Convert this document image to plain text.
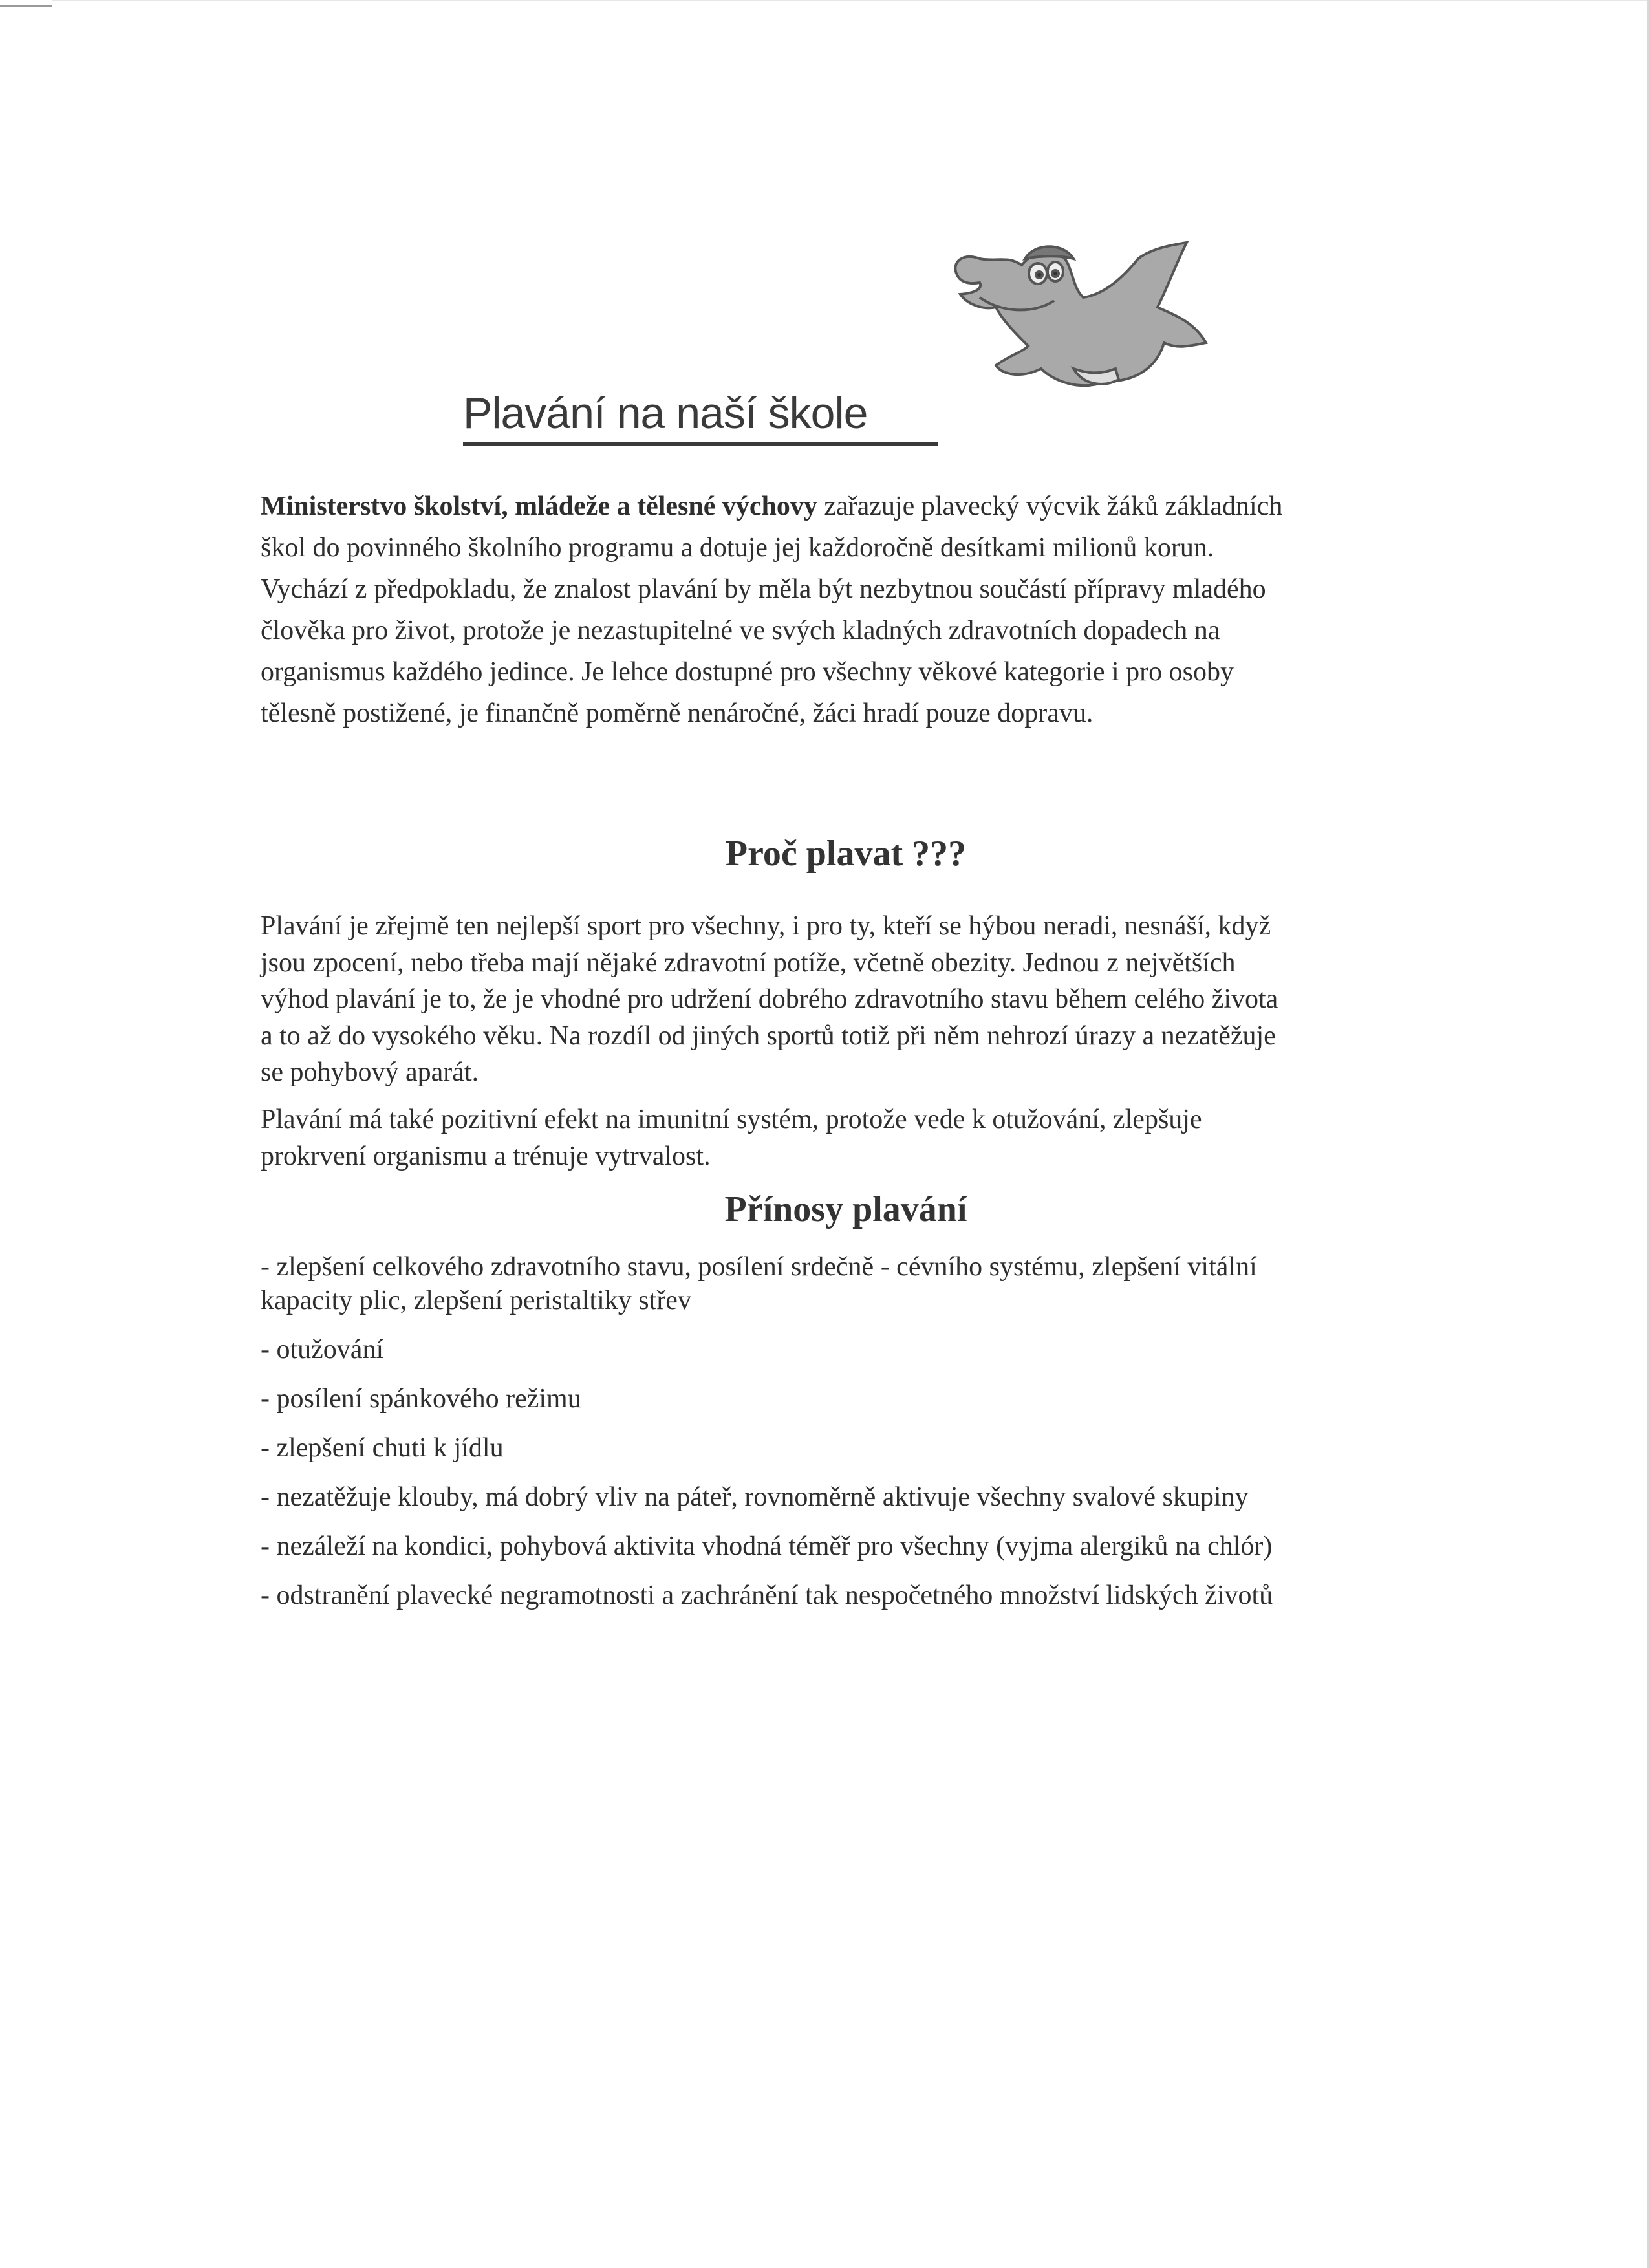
Plavání na naší škole
Ministerstvo školství, mládeže a tělesné výchovy zařazuje plavecký výcvik žáků základních
škol do povinného školního programu a dotuje jej každoročně desítkami milionů korun.
Vychází z předpokladu, že znalost plavání by měla být nezbytnou součástí přípravy mladého
člověka pro život, protože je nezastupitelné ve svých kladných zdravotních dopadech na
organismus každého jedince. Je lehce dostupné pro všechny věkové kategorie i pro osoby
tělesně postižené, je finančně poměrně nenáročné, žáci hradí pouze dopravu.
Proč plavat ???
Plavání je zřejmě ten nejlepší sport pro všechny, i pro ty, kteří se hýbou neradi, nesnáší, když
jsou zpocení, nebo třeba mají nějaké zdravotní potíže, včetně obezity. Jednou z největších
výhod plavání je to, že je vhodné pro udržení dobrého zdravotního stavu během celého života
a to až do vysokého věku. Na rozdíl od jiných sportů totiž při něm nehrozí úrazy a nezatěžuje
se pohybový aparát.
Plavání má také pozitivní efekt na imunitní systém, protože vede k otužování, zlepšuje
prokrvení organismu a trénuje vytrvalost.
Přínosy plavání
- zlepšení celkového zdravotního stavu, posílení srdečně - cévního systému, zlepšení vitální
kapacity plic, zlepšení peristaltiky střev
- otužování
- posílení spánkového režimu
- zlepšení chuti k jídlu
- nezatěžuje klouby, má dobrý vliv na páteř, rovnoměrně aktivuje všechny svalové skupiny
- nezáleží na kondici, pohybová aktivita vhodná téměř pro všechny (vyjma alergiků na chlór)
- odstranění plavecké negramotnosti a zachránění tak nespočetného množství lidských životů
